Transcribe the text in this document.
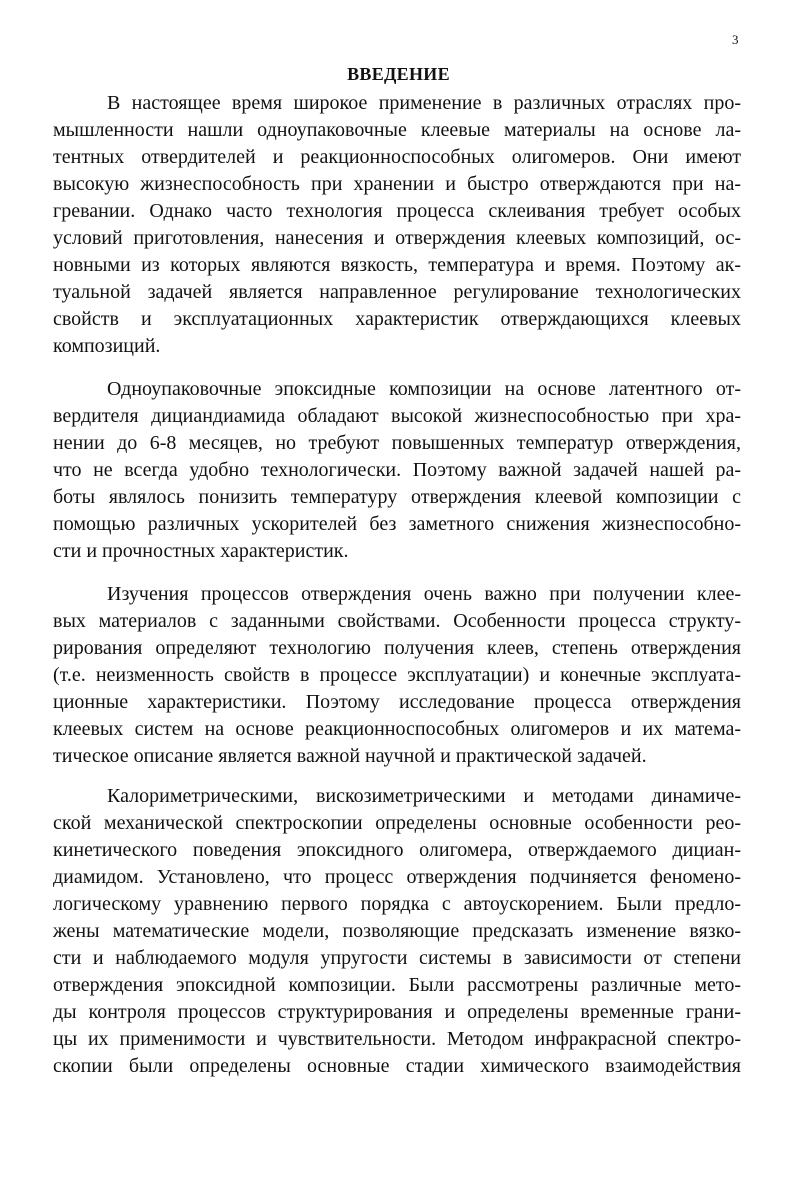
3
ВВЕДЕНИЕ
В настоящее время широкое применение в различных отраслях про-
мышленности нашли одноупаковочные клеевые материалы на основе ла-
тентных отвердителей и реакционноспособных олигомеров. Они имеют
высокую жизнеспособность при хранении и быстро отверждаются при на-
гревании. Однако часто технология процесса склеивания требует особых
условий приготовления, нанесения и отверждения клеевых композиций, ос-
новными из которых являются вязкость, температура и время. Поэтому ак-
туальной задачей является направленное регулирование технологических
свойств и эксплуатационных характеристик отверждающихся клеевых
композиций.
Одноупаковочные эпоксидные композиции на основе латентного от-
вердителя дициандиамида обладают высокой жизнеспособностью при хра-
нении до 6-8 месяцев, но требуют повышенных температур отверждения,
что не всегда удобно технологически. Поэтому важной задачей нашей ра-
боты являлось понизить температуру отверждения клеевой композиции с
помощью различных ускорителей без заметного снижения жизнеспособно-
сти и прочностных характеристик.
Изучения процессов отверждения очень важно при получении клее-
вых материалов с заданными свойствами. Особенности процесса структу-
рирования определяют технологию получения клеев, степень отверждения
(т.е. неизменность свойств в процессе эксплуатации) и конечные эксплуата-
ционные характеристики. Поэтому исследование процесса отверждения
клеевых систем на основе реакционноспособных олигомеров и их матема-
тическое описание является важной научной и практической задачей.
Калориметрическими, вискозиметрическими и методами динамиче-
ской механической спектроскопии определены основные особенности рео-
кинетического поведения эпоксидного олигомера, отверждаемого дициан-
диамидом. Установлено, что процесс отверждения подчиняется феномено-
логическому уравнению первого порядка с автоускорением. Были предло-
жены математические модели, позволяющие предсказать изменение вязко-
сти и наблюдаемого модуля упругости системы в зависимости от степени
отверждения эпоксидной композиции. Были рассмотрены различные мето-
ды контроля процессов структурирования и определены временные грани-
цы их применимости и чувствительности. Методом инфракрасной спектро-
скопии были определены основные стадии химического взаимодействия
